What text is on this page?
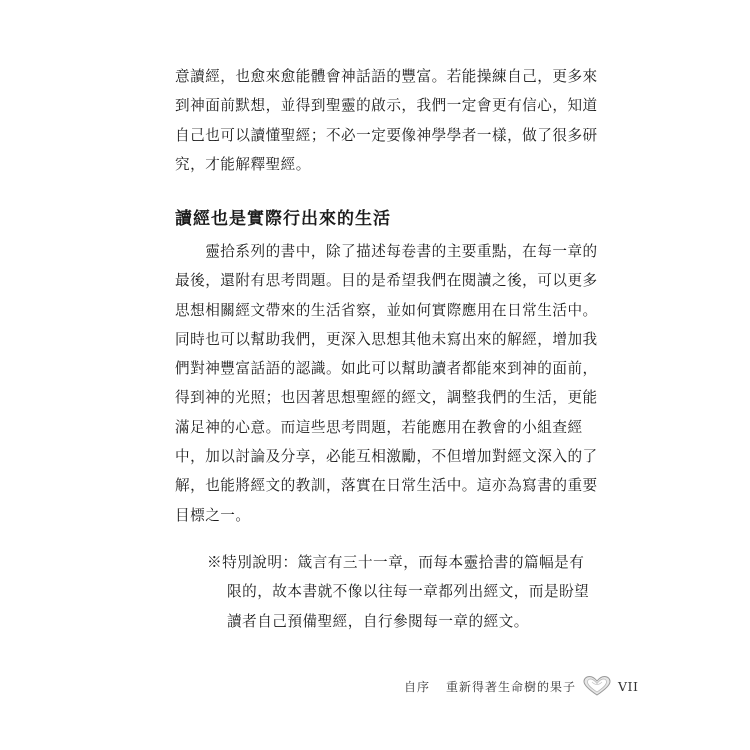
意讀經，也愈來愈能體會神話語的豐富。若能操練自己，更多來
到神面前默想，並得到聖靈的啟示，我們一定會更有信心，知道
自己也可以讀懂聖經；不必一定要像神學學者一樣，做了很多研
究，才能解釋聖經。

讀經也是實際行出來的生活

　　靈拾系列的書中，除了描述每卷書的主要重點，在每一章的
最後，還附有思考問題。目的是希望我們在閱讀之後，可以更多
思想相關經文帶來的生活省察，並如何實際應用在日常生活中。
同時也可以幫助我們，更深入思想其他未寫出來的解經，增加我
們對神豐富話語的認識。如此可以幫助讀者都能來到神的面前，
得到神的光照；也因著思想聖經的經文，調整我們的生活，更能
滿足神的心意。而這些思考問題，若能應用在教會的小組查經
中，加以討論及分享，必能互相激勵，不但增加對經文深入的了
解，也能將經文的教訓，落實在日常生活中。這亦為寫書的重要
目標之一。

※特別說明：箴言有三十一章，而每本靈拾書的篇幅是有
限的，故本書就不像以往每一章都列出經文，而是盼望
讀者自己預備聖經，自行參閱每一章的經文。

自序 重新得著生命樹的果子	VII
